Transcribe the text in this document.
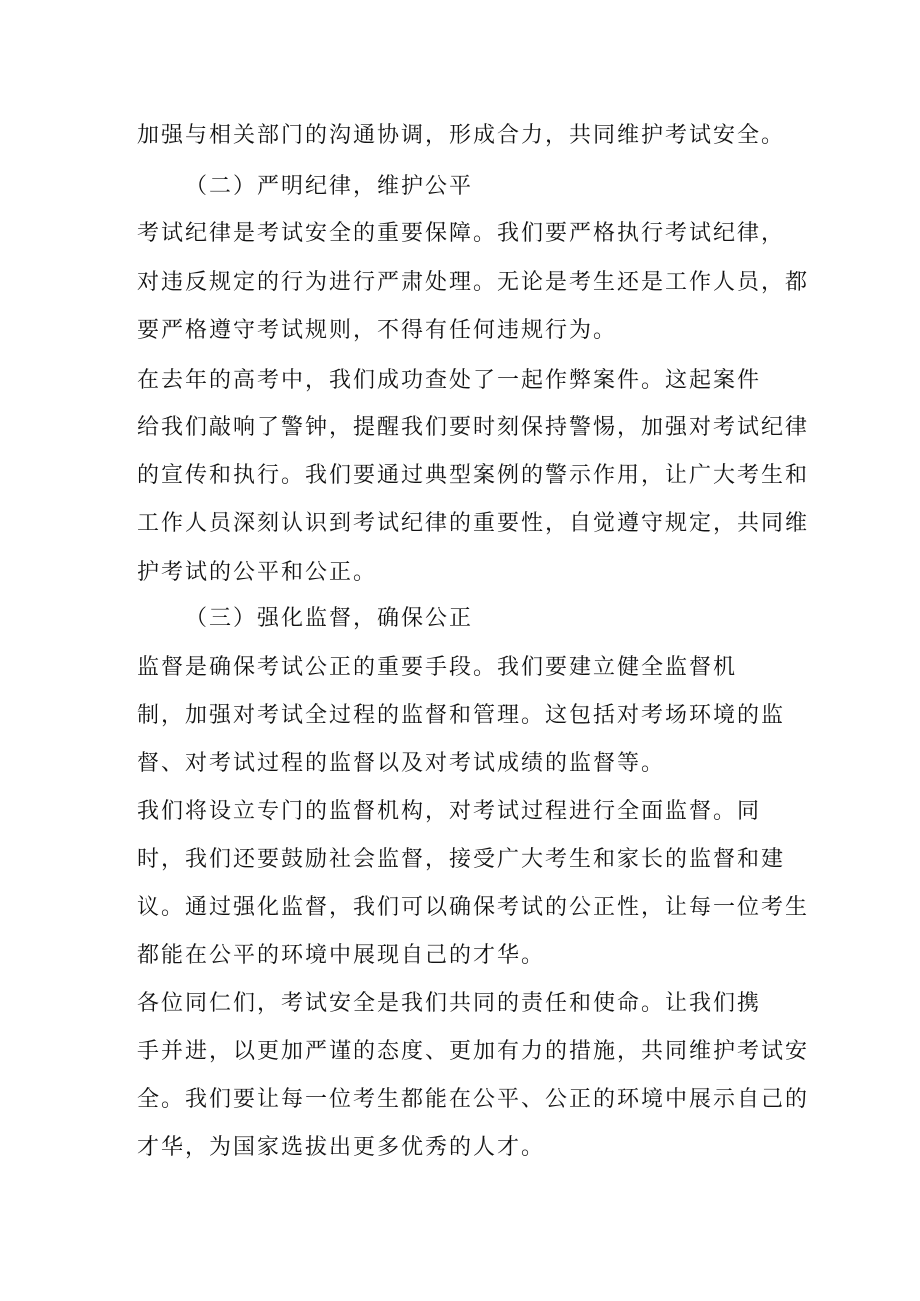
加强与相关部门的沟通协调，形成合力，共同维护考试安全。

（二）严明纪律，维护公平

考试纪律是考试安全的重要保障。我们要严格执行考试纪律，

对违反规定的行为进行严肃处理。无论是考生还是工作人员，都

要严格遵守考试规则，不得有任何违规行为。

在去年的高考中，我们成功查处了一起作弊案件。这起案件

给我们敲响了警钟，提醒我们要时刻保持警惕，加强对考试纪律

的宣传和执行。我们要通过典型案例的警示作用，让广大考生和

工作人员深刻认识到考试纪律的重要性，自觉遵守规定，共同维

护考试的公平和公正。

（三）强化监督，确保公正

监督是确保考试公正的重要手段。我们要建立健全监督机

制，加强对考试全过程的监督和管理。这包括对考场环境的监

督、对考试过程的监督以及对考试成绩的监督等。

我们将设立专门的监督机构，对考试过程进行全面监督。同

时，我们还要鼓励社会监督，接受广大考生和家长的监督和建

议。通过强化监督，我们可以确保考试的公正性，让每一位考生

都能在公平的环境中展现自己的才华。

各位同仁们，考试安全是我们共同的责任和使命。让我们携

手并进，以更加严谨的态度、更加有力的措施，共同维护考试安

全。我们要让每一位考生都能在公平、公正的环境中展示自己的

才华，为国家选拔出更多优秀的人才。
